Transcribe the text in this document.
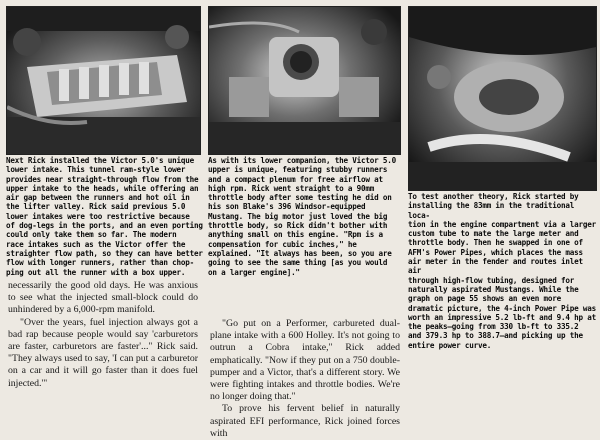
Next Rick installed the Victor 5.0's unique
lower intake. This tunnel ram-style lower
provides near straight-through flow from the
upper intake to the heads, while offering an
air gap between the runners and hot oil in
the lifter valley. Rick said previous 5.0
lower intakes were too restrictive because
of dog-legs in the ports, and an even porting
could only take them so far. The modern
race intakes such as the Victor offer the
straighter flow path, so they can have better
flow with longer runners, rather than chop-
ping out all the runner with a box upper.

As with its lower companion, the Victor 5.0
upper is unique, featuring stubby runners
and a compact plenum for free airflow at
high rpm. Rick went straight to a 90mm
throttle body after some testing he did on
his son Blake's 396 Windsor-equipped
Mustang. The big motor just loved the big
throttle body, so Rick didn't bother with
anything small on this engine. "Rpm is a
compensation for cubic inches," he
explained. "It always has been, so you are
going to see the same thing [as you would
on a larger engine]."

To test another theory, Rick started by
installing the 83mm in the traditional loca-
tion in the engine compartment via a larger
custom tube to mate the large meter and
throttle body. Then he swapped in one of
AFM's Power Pipes, which places the mass
air meter in the fender and routes inlet air
through high-flow tubing, designed for
naturally aspirated Mustangs. While the
graph on page 55 shows an even more
dramatic picture, the 4-inch Power Pipe was
worth an impressive 5.2 lb-ft and 9.4 hp at
the peaks—going from 330 lb-ft to 335.2
and 379.3 hp to 388.7—and picking up the
entire power curve.

necessarily the good old days. He was anxious to see what the injected small-block could do unhindered by a 6,000-rpm manifold.

"Over the years, fuel injection always got a bad rap because people would say 'carburetors are faster, carburetors are faster'..." Rick said. "They always used to say, 'I can put a carburetor on a car and it will go faster than it does fuel injected.'"

"Go put on a Performer, carbureted dual-plane intake with a 600 Holley. It's not going to outrun a Cobra intake," Rick added emphatically. "Now if they put on a 750 double-pumper and a Victor, that's a different story. We were fighting intakes and throttle bodies. We're no longer doing that."

To prove his fervent belief in naturally aspirated EFI performance, Rick joined forces with
